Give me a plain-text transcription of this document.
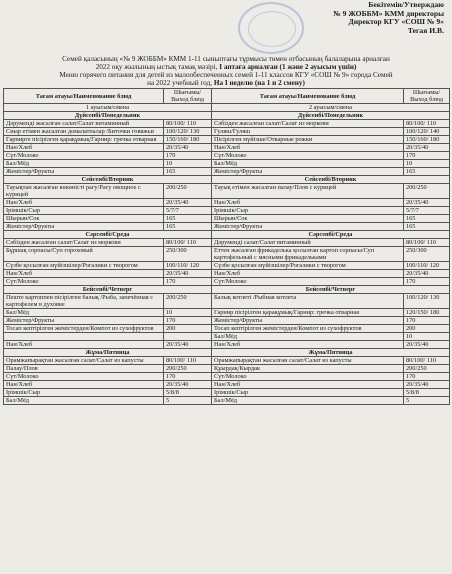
Бекітемін/Утверждаю
№ 9 ЖОББМ» КММ директоры
Директор КГУ «СОШ № 9»
Тегая И.В.
Семей қаласының «№ 9 ЖОББМ» КММ 1-11 сыныптағы тұрмысы төмен отбасының балаларына арналған
2022 оқу жылының ыстық тамақ мәзірі, I аптаға арналған (1 және 2 ауысым үшін)
Меню горячего питания для детей из малообеспеченных семей 1-11 классов КГУ «СОШ № 9» города Семей
на 2022 учебный год, На I неделю (на 1 и 2 смену)
Тағам атауы/Наименование блюд	Шығымы/ Выход блюд	Тағам атауы/Наименование блюд	Шығымы/ Выход блюд
1 ауысым/смена		2 ауысым/смена	
Дүйсенбі/Понедельник		Дүйсенбі/Понедельник	
Дәрумендi жасалған салат/Салат витаминный	80/100/ 110	Сәбізден жасалған салат/Салат из моркови	80/100/ 110
Сиыр етімен жасалған домалатпалар /Биточки говяжьи	100/120/ 130	Гуляш/Гуляш	100/120/ 140
Гарнирге пісірілген қарақұмық/Гарнир: гречка отварная	150/160/ 180	Пісірілген мүйізше/Отварные рожки	150/160/ 180
Нан/Хлеб	20/35/40	Нан/Хлеб	20/35/40
Сүт/Молоко	170	Сүт/Молоко	170
Бал/Мёд	10	Бал/Мёд	10
Жемістер/Фрукты	165	Жемістер/Фрукты	165
Сейсенбі/Вторник		Сейсенбі/Вторник	
Тауықтан жасалған көкөністі рагу/Рагу овощное с курицей	200/250	Тауық етімен жасалған палау/Плов с курицей	200/250
Нан/Хлеб	20/35/40	Нан/Хлеб	20/35/40
Ірімшік/Сыр	5/7/7	Ірімшік/Сыр	5/7/7
Шырын/Сок	165	Шырын/Сок	165
Жемістер/Фрукты	165	Жемістер/Фрукты	165
Сәрсенбі/Среда		Сәрсенбі/Среда	
Сәбізден жасалған салат/Салат из моркови	80/100/ 110	Дәрумендi салат/Салат витаминный	80/100/ 110
Бұршақ сорпасы/Суп гороховый	250/300	Еттен жасалған фрикаделька қосылған картоп сорпасы/Суп картофельный с мясными фрикадельками	250/300
Сүзбе қосылған мүйізшілер/Рогалики с творогом	100/110/ 120	Сүзбе қосылған мүйізшілер/Рогалики с творогом	100/110/ 120
Нан/Хлеб	20/35/40	Нан/Хлеб	20/35/40
Сүт/Молоко	170	Сүт/Молоко	170
Бейсенбі/Четверг		Бейсенбі/Четверг	
Пеште картоппен пісірілген балық /Рыба, запечённая с картофелем в духовке	200/250	Балық котлеті /Рыбная котлета	100/120/ 130
Бал/Мёд	10	Гарнир пісірілген қарақұмық/Гарнир: гречка отварная	120/150/ 180
Жемістер/Фрукты	170	Жемістер/Фрукты	170
Тосап кептірілген жемістерден/Компот из сухофруктов	200	Тосап кептірілген жемістерден/Компот из сухофруктов	200
		Бал/Мёд	10
Нан/Хлеб	20/35/40	Нан/Хлеб	20/35/40
Жұма/Пятница		Жұма/Пятница	
Орамжапырақтан жасалған салат/Салат из капусты	80/100/ 110	Орамжапырақтан жасалған салат/Салат из капусты	80/100/ 110
Палау/Плов	200/250	Құырдақ/Кырдак	200/250
Сүт/Молоко	170	Сүт/Молоко	170
Нан/Хлеб	20/35/40	Нан/Хлеб	20/35/40
Ірімшік/Сыр	5/8/8	Ірімшік/Сыр	5/8/8
Бал/Мёд	5	Бал/Мёд	5
